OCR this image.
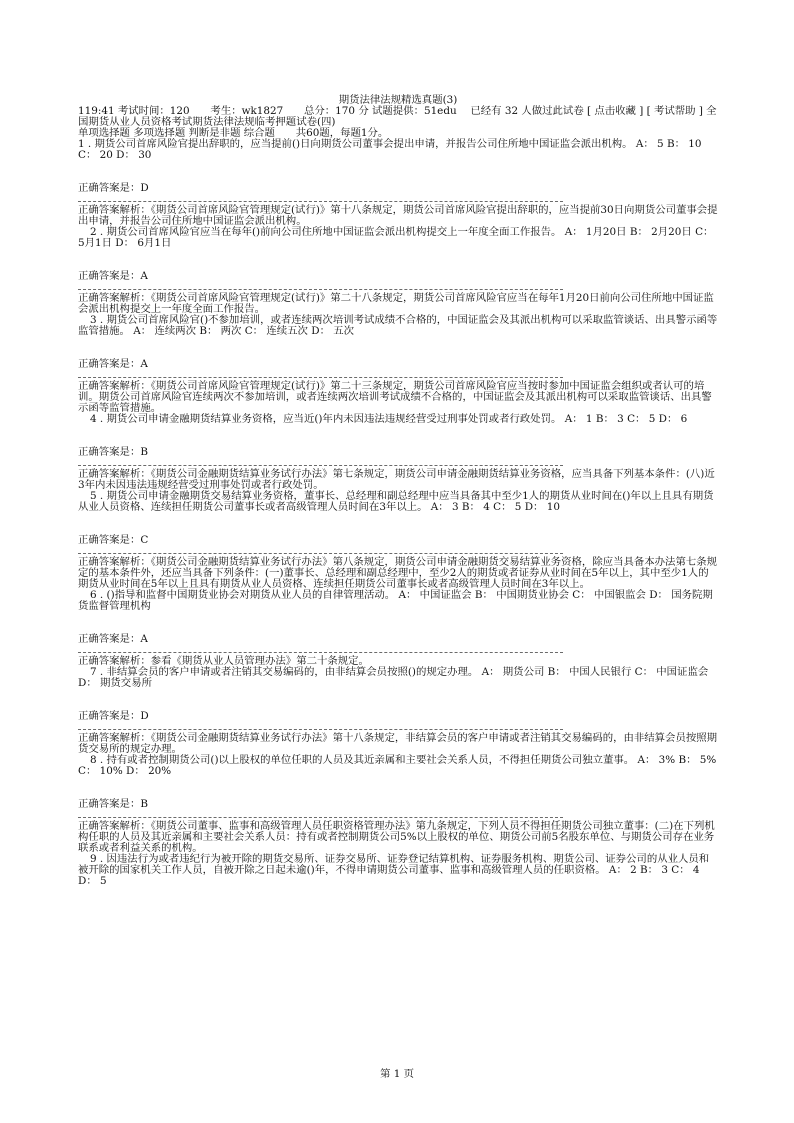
期货法律法规精选真题(3)
119:41 考试时间：120　　考生：wk1827　　总分：170 分 试题提供：51edu　 已经有 32 人做过此试卷 [ 点击收藏 ] [ 考试帮助 ] 全国期货从业人员资格考试期货法律法规临考押题试卷(四)
单项选择题 多项选择题 判断是非题 综合题　　共60题，每题1分。
1 . 期货公司首席风险官提出辞职的，应当提前()日向期货公司董事会提出申请，并报告公司住所地中国证监会派出机构。 A： 5 B： 10 C： 20 D： 30
正确答案是：D
正确答案解析：《期货公司首席风险官管理规定(试行)》第十八条规定，期货公司首席风险官提出辞职的，应当提前30日向期货公司董事会提出申请，并报告公司住所地中国证监会派出机构。
2 . 期货公司首席风险官应当在每年()前向公司住所地中国证监会派出机构提交上一年度全面工作报告。 A： 1月20日 B： 2月20日 C： 5月1日 D： 6月1日
正确答案是：A
正确答案解析：《期货公司首席风险官管理规定(试行)》第二十八条规定，期货公司首席风险官应当在每年1月20日前向公司住所地中国证监会派出机构提交上一年度全面工作报告。
3 . 期货公司首席风险官()不参加培训，或者连续两次培训考试成绩不合格的，中国证监会及其派出机构可以采取监管谈话、出具警示函等监管措施。 A： 连续两次 B： 两次 C： 连续五次 D： 五次
正确答案是：A
正确答案解析：《期货公司首席风险官管理规定(试行)》第二十三条规定，期货公司首席风险官应当按时参加中国证监会组织或者认可的培训。期货公司首席风险官连续两次不参加培训，或者连续两次培训考试成绩不合格的，中国证监会及其派出机构可以采取监管谈话、出具警示函等监管措施。
4 . 期货公司申请金融期货结算业务资格，应当近()年内未因违法违规经营受过刑事处罚或者行政处罚。 A： 1 B： 3 C： 5 D： 6
正确答案是：B
正确答案解析：《期货公司金融期货结算业务试行办法》第七条规定，期货公司申请金融期货结算业务资格，应当具备下列基本条件：(八)近3年内未因违法违规经营受过刑事处罚或者行政处罚。
5 . 期货公司申请金融期货交易结算业务资格，董事长、总经理和副总经理中应当具备其中至少1人的期货从业时间在()年以上且具有期货从业人员资格、连续担任期货公司董事长或者高级管理人员时间在3年以上。 A： 3 B： 4 C： 5 D： 10
正确答案是：C
正确答案解析：《期货公司金融期货结算业务试行办法》第八条规定，期货公司申请金融期货交易结算业务资格，除应当具备本办法第七条规定的基本条件外，还应当具备下列条件：(一)董事长、总经理和副总经理中，至少2人的期货或者证券从业时间在5年以上，其中至少1人的期货从业时间在5年以上且具有期货从业人员资格、连续担任期货公司董事长或者高级管理人员时间在3年以上。
6 . ()指导和监督中国期货业协会对期货从业人员的自律管理活动。 A： 中国证监会 B： 中国期货业协会 C： 中国银监会 D： 国务院期货监督管理机构
正确答案是：A
正确答案解析：参看《期货从业人员管理办法》第二十条规定。
7 . 非结算会员的客户申请或者注销其交易编码的，由非结算会员按照()的规定办理。 A： 期货公司 B： 中国人民银行 C： 中国证监会 D： 期货交易所
正确答案是：D
正确答案解析：《期货公司金融期货结算业务试行办法》第十八条规定，非结算会员的客户申请或者注销其交易编码的，由非结算会员按照期货交易所的规定办理。
8 . 持有或者控制期货公司()以上股权的单位任职的人员及其近亲属和主要社会关系人员，不得担任期货公司独立董事。 A： 3% B： 5% C： 10% D： 20%
正确答案是：B
正确答案解析：《期货公司董事、监事和高级管理人员任职资格管理办法》第九条规定，下列人员不得担任期货公司独立董事：(二)在下列机构任职的人员及其近亲属和主要社会关系人员：持有或者控制期货公司5%以上股权的单位、期货公司前5名股东单位、与期货公司存在业务联系或者利益关系的机构。
9 . 因违法行为或者违纪行为被开除的期货交易所、证券交易所、证券登记结算机构、证券服务机构、期货公司、证券公司的从业人员和被开除的国家机关工作人员，自被开除之日起未逾()年，不得申请期货公司董事、监事和高级管理人员的任职资格。 A： 2 B： 3 C： 4 D： 5
第 1 页
